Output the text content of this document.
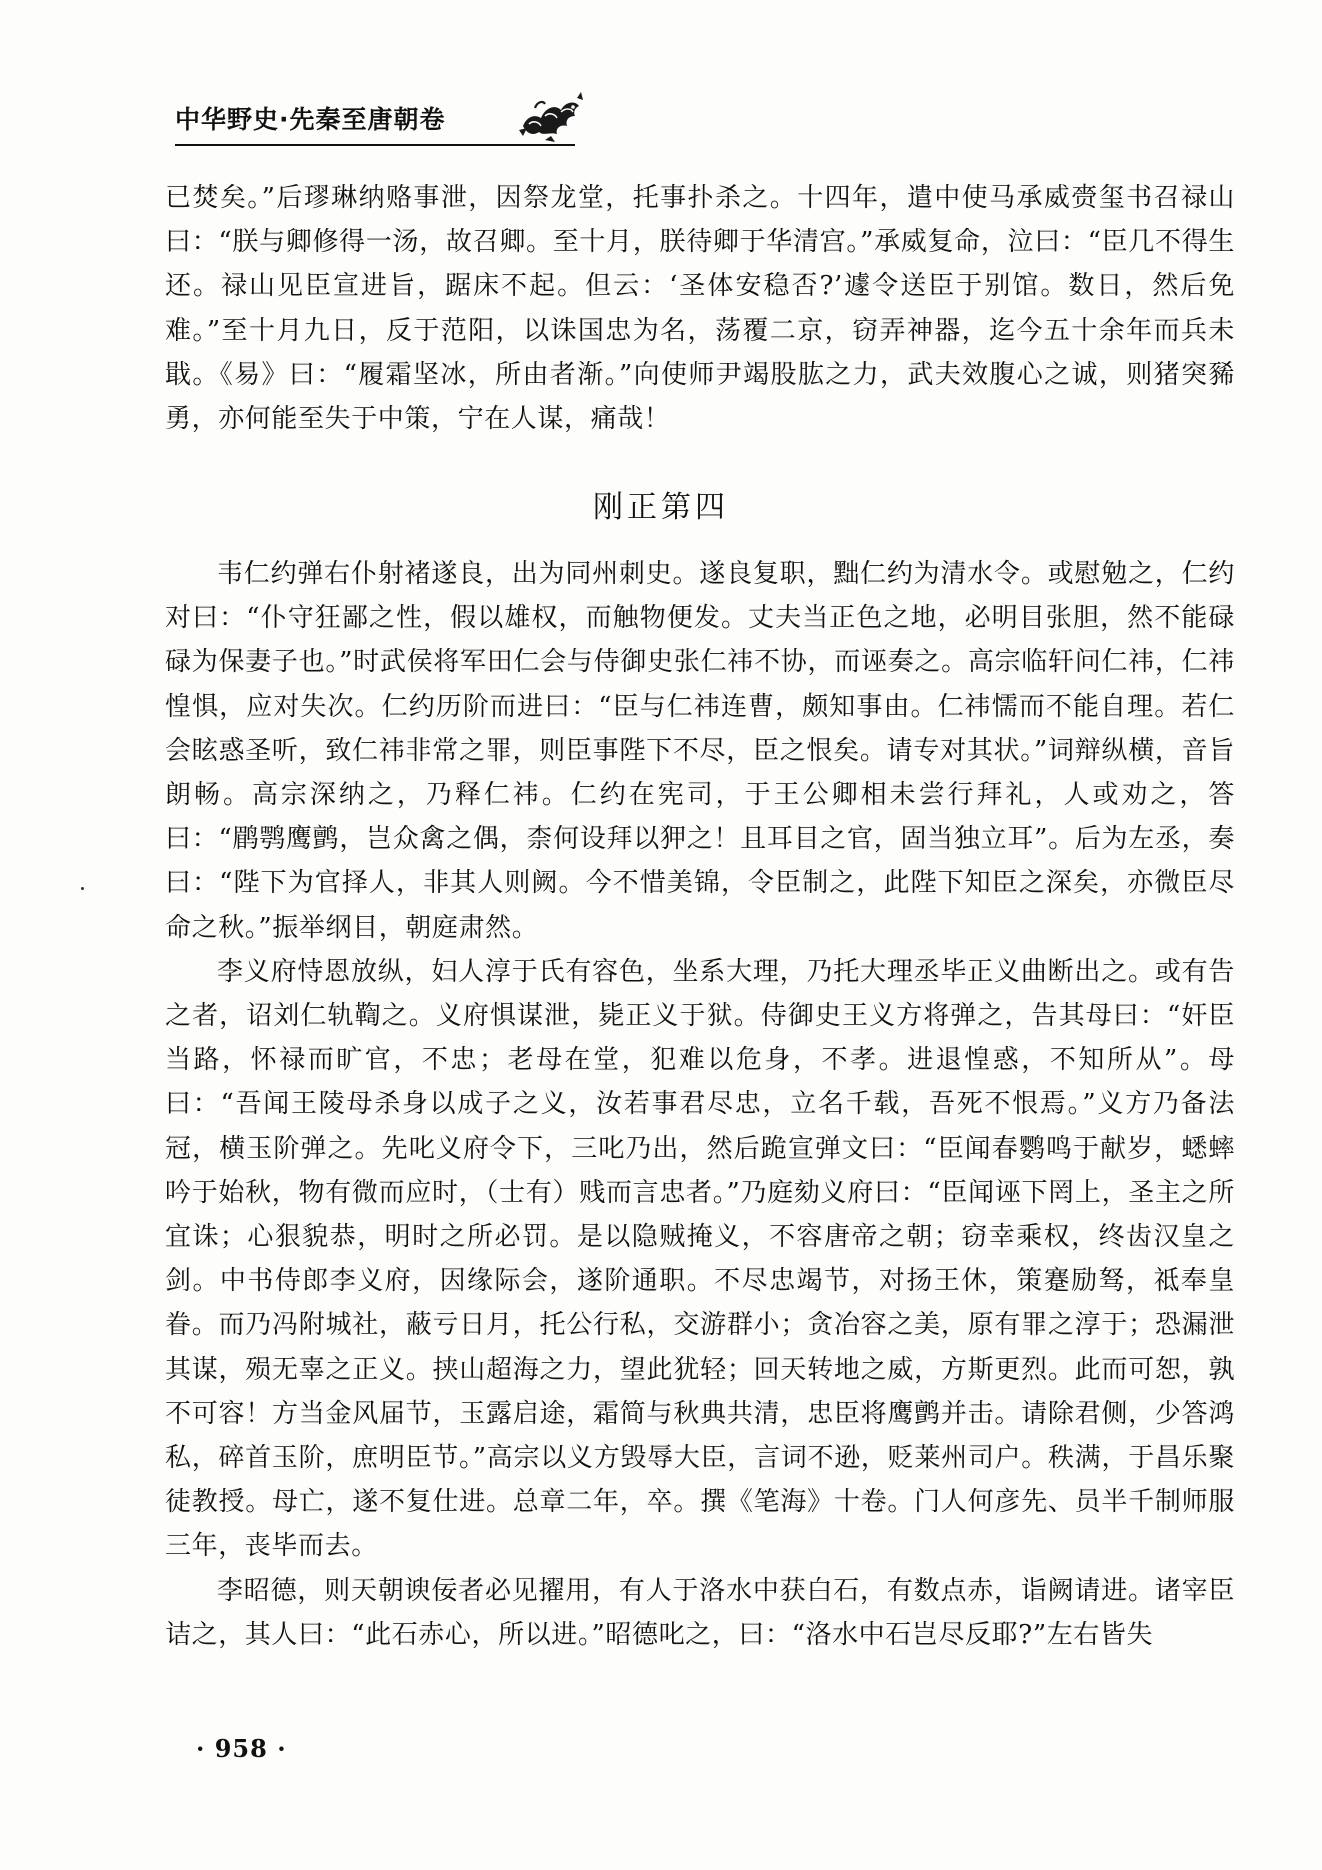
中华野史·先秦至唐朝卷

已焚矣。”后璆琳纳赂事泄，因祭龙堂，托事扑杀之。十四年，遣中使马承威赍玺书召禄山曰：“朕与卿修得一汤，故召卿。至十月，朕待卿于华清宫。”承威复命，泣曰：“臣几不得生还。禄山见臣宣进旨，踞床不起。但云：‘圣体安稳否?’遽令送臣于别馆。数日，然后免难。”至十月九日，反于范阳，以诛国忠为名，荡覆二京，窃弄神器，迄今五十余年而兵未戢。《易》曰：“履霜坚冰，所由者渐。”向使师尹竭股肱之力，武夫效腹心之诚，则猪突豨勇，亦何能至失于中策，宁在人谋，痛哉！

刚正第四

韦仁约弹右仆射褚遂良，出为同州刺史。遂良复职，黜仁约为清水令。或慰勉之，仁约对曰：“仆守狂鄙之性，假以雄权，而触物便发。丈夫当正色之地，必明目张胆，然不能碌碌为保妻子也。”时武侯将军田仁会与侍御史张仁祎不协，而诬奏之。高宗临轩问仁祎，仁祎惶惧，应对失次。仁约历阶而进曰：“臣与仁祎连曹，颇知事由。仁祎懦而不能自理。若仁会眩惑圣听，致仁祎非常之罪，则臣事陛下不尽，臣之恨矣。请专对其状。”词辩纵横，音旨朗畅。高宗深纳之，乃释仁祎。仁约在宪司，于王公卿相未尝行拜礼，人或劝之，答曰：“鹛鹗鹰鹯，岂众禽之偶，柰何设拜以狎之！且耳目之官，固当独立耳”。后为左丞，奏曰：“陛下为官择人，非其人则阙。今不惜美锦，令臣制之，此陛下知臣之深矣，亦微臣尽命之秋。”振举纲目，朝庭肃然。

李义府恃恩放纵，妇人淳于氏有容色，坐系大理，乃托大理丞毕正义曲断出之。或有告之者，诏刘仁轨鞫之。义府惧谋泄，毙正义于狱。侍御史王义方将弹之，告其母曰：“奸臣当路，怀禄而旷官，不忠；老母在堂，犯难以危身，不孝。进退惶惑，不知所从”。母曰：“吾闻王陵母杀身以成子之义，汝若事君尽忠，立名千载，吾死不恨焉。”义方乃备法冠，横玉阶弹之。先叱义府令下，三叱乃出，然后跪宣弹文曰：“臣闻春鹦鸣于献岁，蟋蟀吟于始秋，物有微而应时，（士有）贱而言忠者。”乃庭劾义府曰：“臣闻诬下罔上，圣主之所宜诛；心狠貌恭，明时之所必罚。是以隐贼掩义，不容唐帝之朝；窃幸乘权，终齿汉皇之剑。中书侍郎李义府，因缘际会，遂阶通职。不尽忠竭节，对扬王休，策蹇励驽，祗奉皇眷。而乃冯附城社，蔽亏日月，托公行私，交游群小；贪冶容之美，原有罪之淳于；恐漏泄其谋，殒无辜之正义。挟山超海之力，望此犹轻；回天转地之威，方斯更烈。此而可恕，孰不可容！方当金风届节，玉露启途，霜简与秋典共清，忠臣将鹰鹯并击。请除君侧，少答鸿私，碎首玉阶，庶明臣节。”高宗以义方毁辱大臣，言词不逊，贬莱州司户。秩满，于昌乐聚徒教授。母亡，遂不复仕进。总章二年，卒。撰《笔海》十卷。门人何彦先、员半千制师服三年，丧毕而去。

李昭德，则天朝谀佞者必见擢用，有人于洛水中获白石，有数点赤，诣阙请进。诸宰臣诘之，其人曰：“此石赤心，所以进。”昭德叱之，曰：“洛水中石岂尽反耶?”左右皆失

· 958 ·
